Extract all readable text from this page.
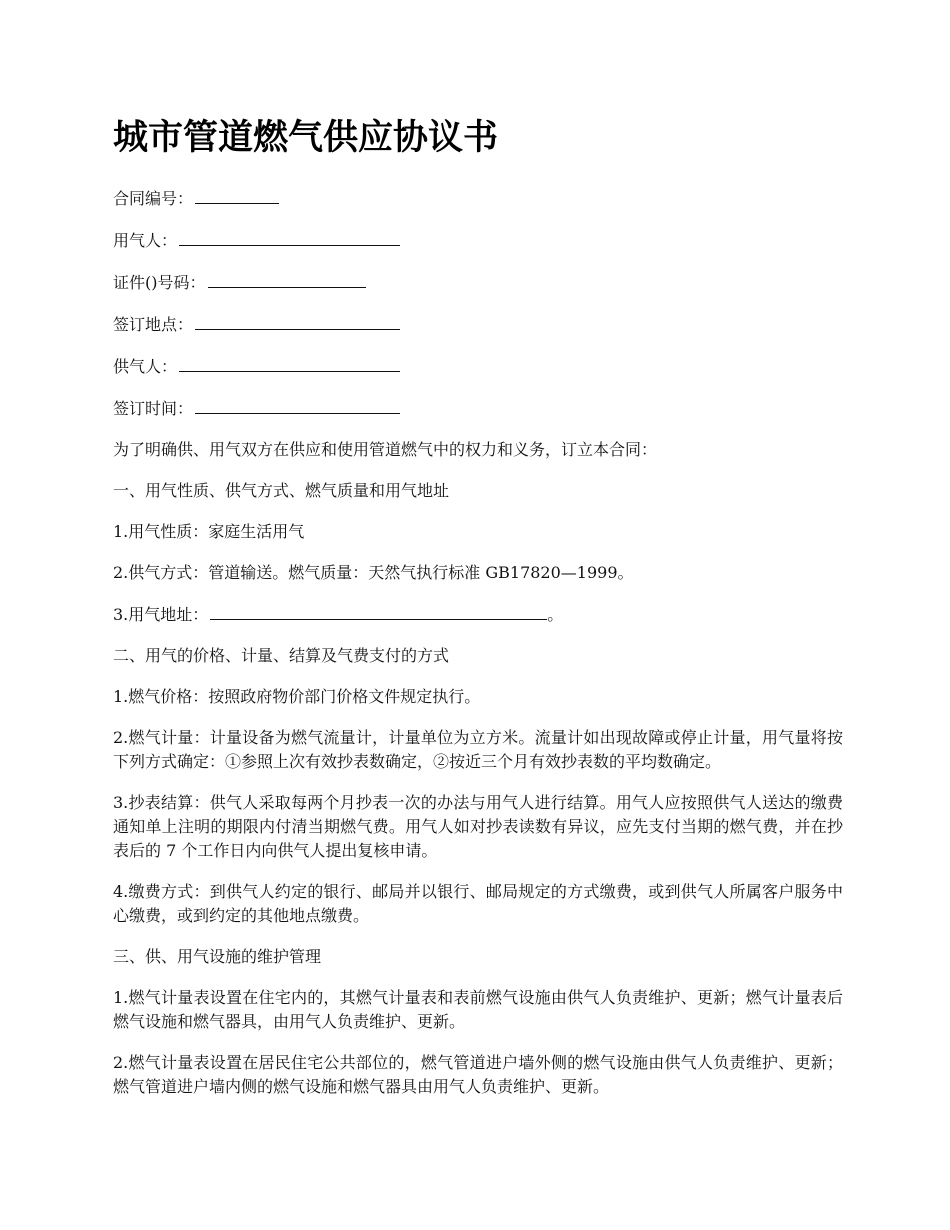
城市管道燃气供应协议书
合同编号：
用气人：
证件()号码：
签订地点：
供气人：
签订时间：

为了明确供、用气双方在供应和使用管道燃气中的权力和义务，订立本合同：

一、用气性质、供气方式、燃气质量和用气地址

1.用气性质：家庭生活用气

2.供气方式：管道输送。燃气质量：天然气执行标准 GB17820—1999。

3.用气地址：	。

二、用气的价格、计量、结算及气费支付的方式

1.燃气价格：按照政府物价部门价格文件规定执行。

2.燃气计量：计量设备为燃气流量计，计量单位为立方米。流量计如出现故障或停止计量，用气量将按下列方式确定：①参照上次有效抄表数确定，②按近三个月有效抄表数的平均数确定。

3.抄表结算：供气人采取每两个月抄表一次的办法与用气人进行结算。用气人应按照供气人送达的缴费通知单上注明的期限内付清当期燃气费。用气人如对抄表读数有异议，应先支付当期的燃气费，并在抄表后的 7 个工作日内向供气人提出复核申请。

4.缴费方式：到供气人约定的银行、邮局并以银行、邮局规定的方式缴费，或到供气人所属客户服务中心缴费，或到约定的其他地点缴费。

三、供、用气设施的维护管理

1.燃气计量表设置在住宅内的，其燃气计量表和表前燃气设施由供气人负责维护、更新；燃气计量表后燃气设施和燃气器具，由用气人负责维护、更新。

2.燃气计量表设置在居民住宅公共部位的，燃气管道进户墙外侧的燃气设施由供气人负责维护、更新；燃气管道进户墙内侧的燃气设施和燃气器具由用气人负责维护、更新。
